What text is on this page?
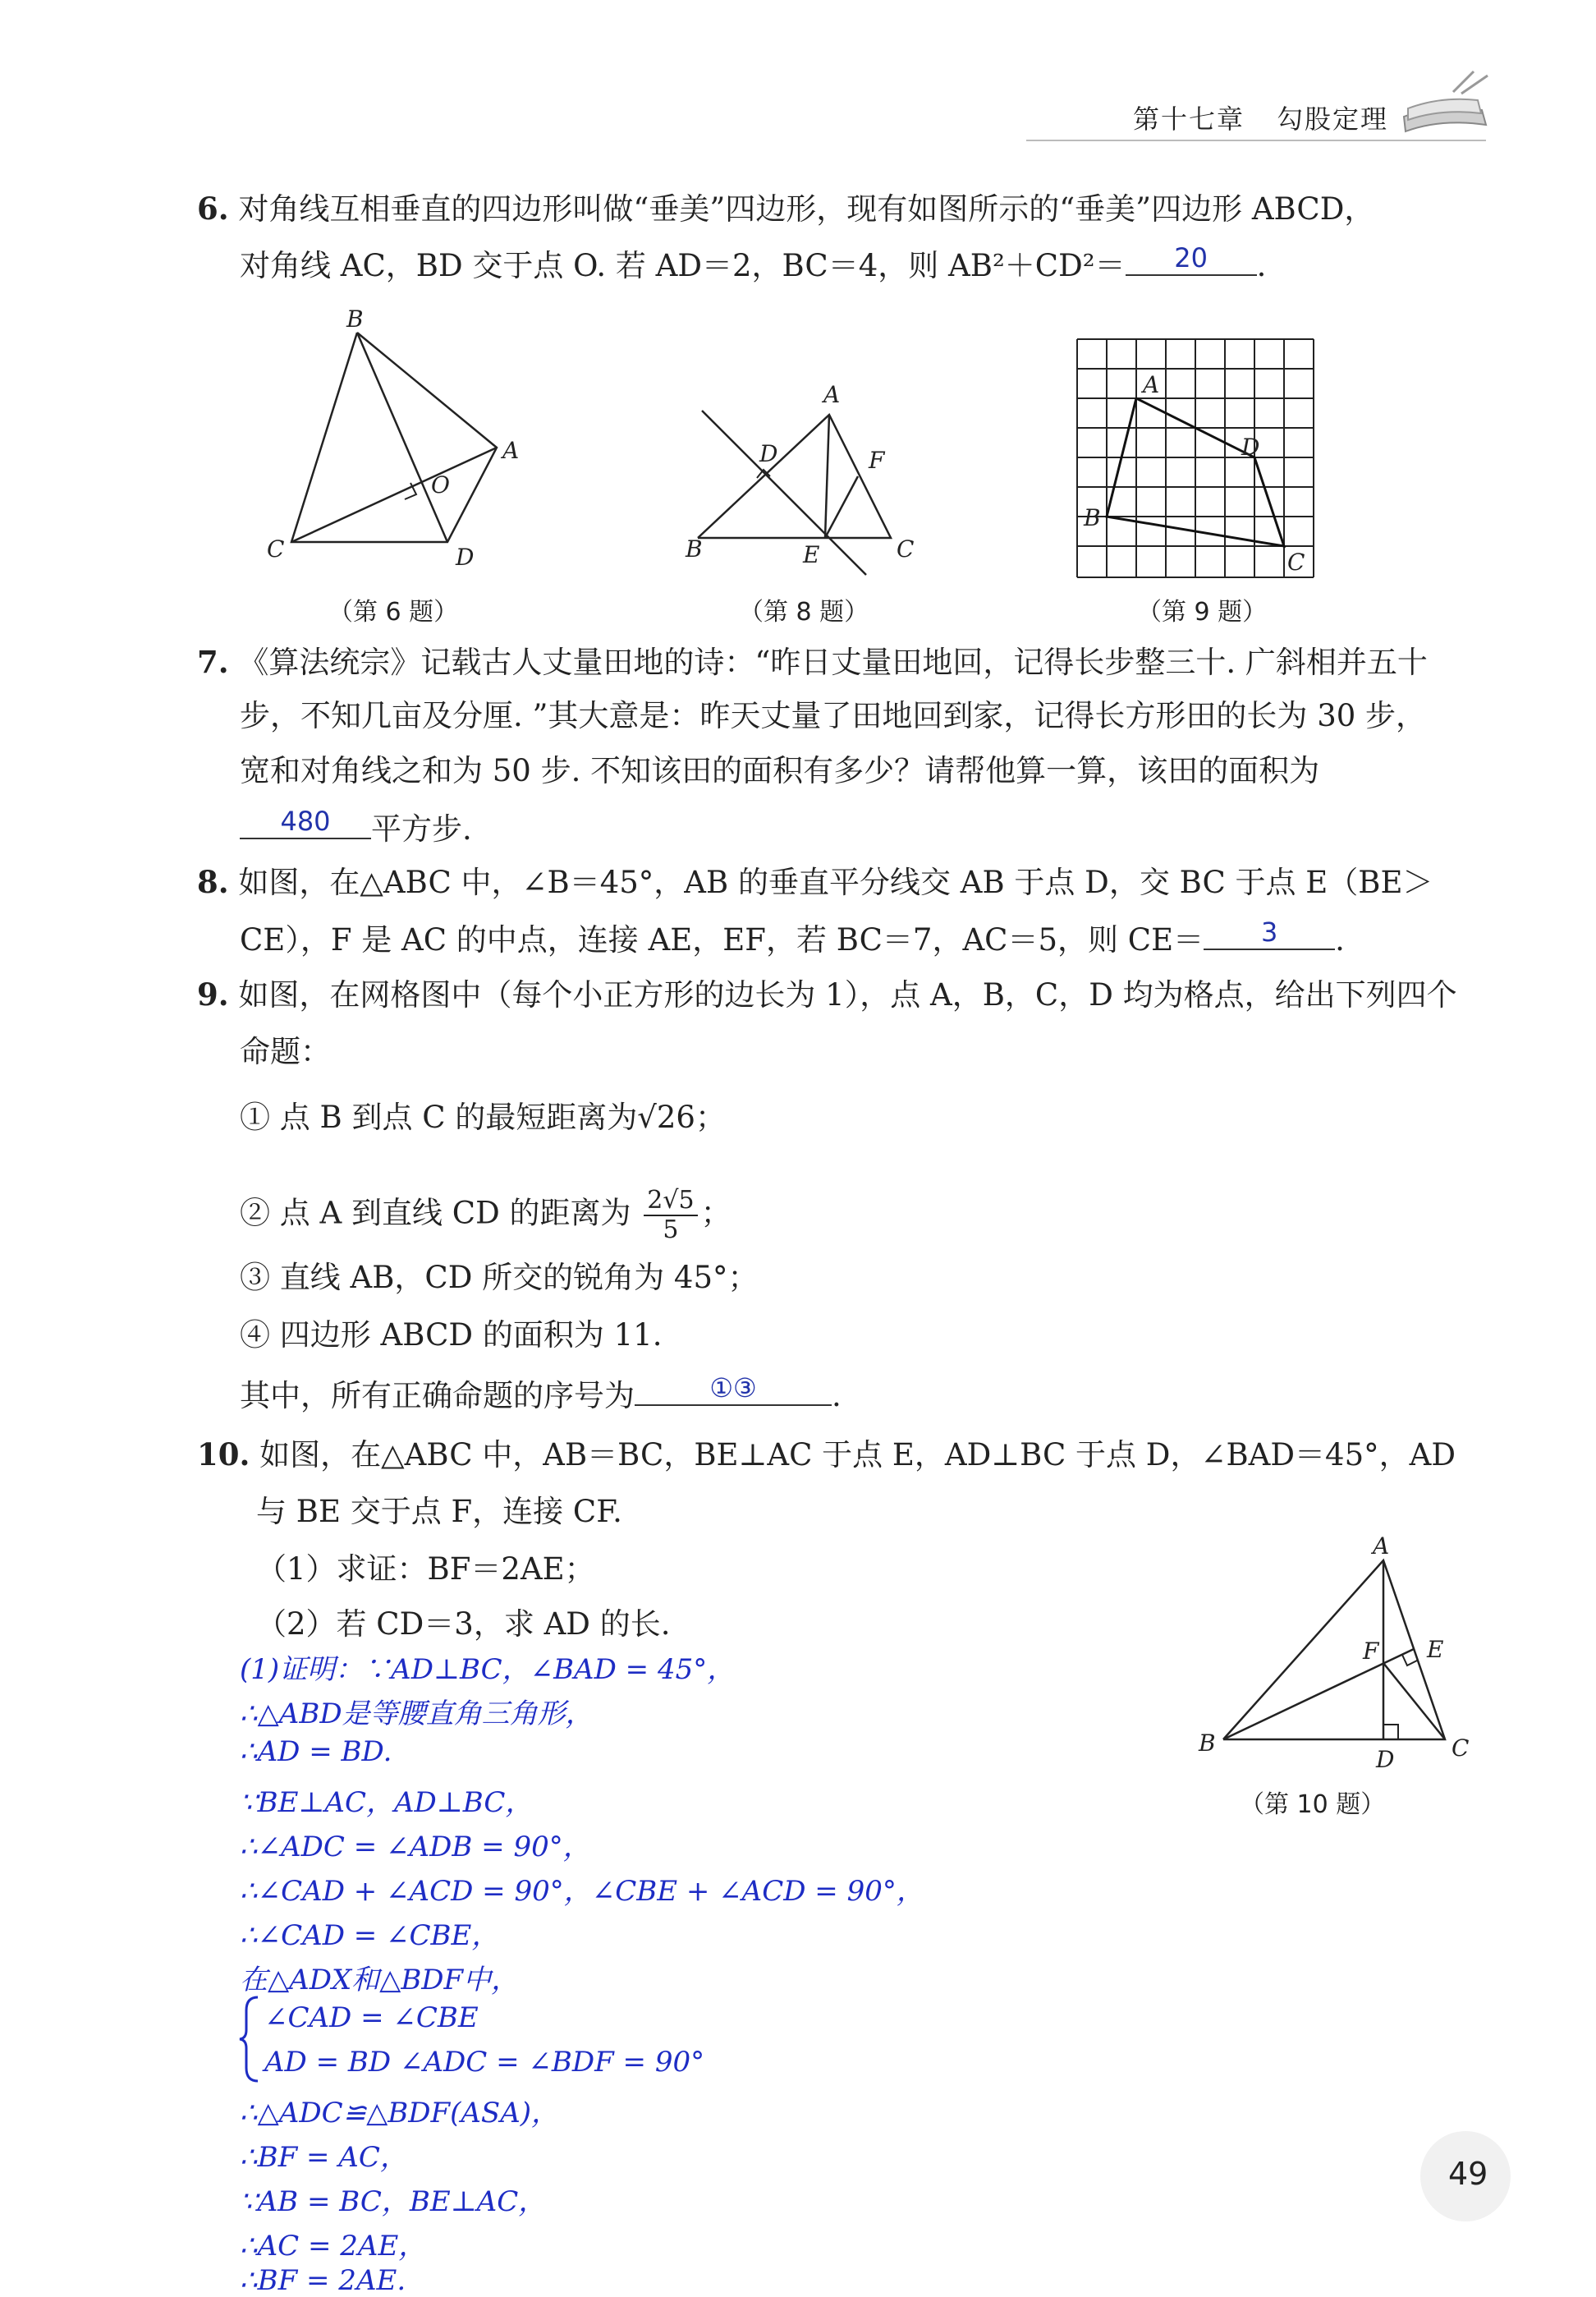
第十七章 勾股定理
6. 对角线互相垂直的四边形叫做“垂美”四边形，现有如图所示的“垂美”四边形 ABCD，
对角线 AC，BD 交于点 O. 若 AD＝2，BC＝4，则 AB²＋CD²＝	20	.
B
A
O
C	D
（第 6 题）
A
D	F
B	E	C
（第 8 题）
A
D
B
C
（第 9 题）
7. 《算法统宗》记载古人丈量田地的诗：“昨日丈量田地回，记得长步整三十. 广斜相并五十
步，不知几亩及分厘. ”其大意是：昨天丈量了田地回到家，记得长方形田的长为 30 步，
宽和对角线之和为 50 步. 不知该田的面积有多少？请帮他算一算，该田的面积为
480	平方步.
8. 如图，在△ABC 中，∠B＝45°，AB 的垂直平分线交 AB 于点 D，交 BC 于点 E（BE＞
CE），F 是 AC 的中点，连接 AE，EF，若 BC＝7，AC＝5，则 CE＝	3	.
9. 如图，在网格图中（每个小正方形的边长为 1），点 A，B，C，D 均为格点，给出下列四个
命题：
① 点 B 到点 C 的最短距离为√26；
② 点 A 到直线 CD 的距离为 $\frac{2√5}{5}$ ；
③ 直线 AB，CD 所交的锐角为 45°；
④ 四边形 ABCD 的面积为 11.
其中，所有正确命题的序号为	①③	.
10. 如图，在△ABC 中，AB＝BC，BE⊥AC 于点 E，AD⊥BC 于点 D，∠BAD＝45°，AD
与 BE 交于点 F，连接 CF.
（1）求证：BF＝2AE；
（2）若 CD＝3，求 AD 的长.
A
F E
B
D C
（第 10 题）
(1)证明：∵AD⊥BC，∠BAD = 45°，
∴△ABD是等腰直角三角形，
∴AD = BD.
∵BE⊥AC，AD⊥BC，
∴∠ADC = ∠ADB = 90°，
∴∠CAD + ∠ACD = 90°，∠CBE + ∠ACD = 90°，
∴∠CAD = ∠CBE，
在△ADX和△BDF中，
∠CAD = ∠CBE
AD = BD ∠ADC = ∠BDF = 90°
∴△ADC≌△BDF(ASA)，
∴BF = AC，
∵AB = BC，BE⊥AC，
∴AC = 2AE，
∴BF = 2AE.
49
